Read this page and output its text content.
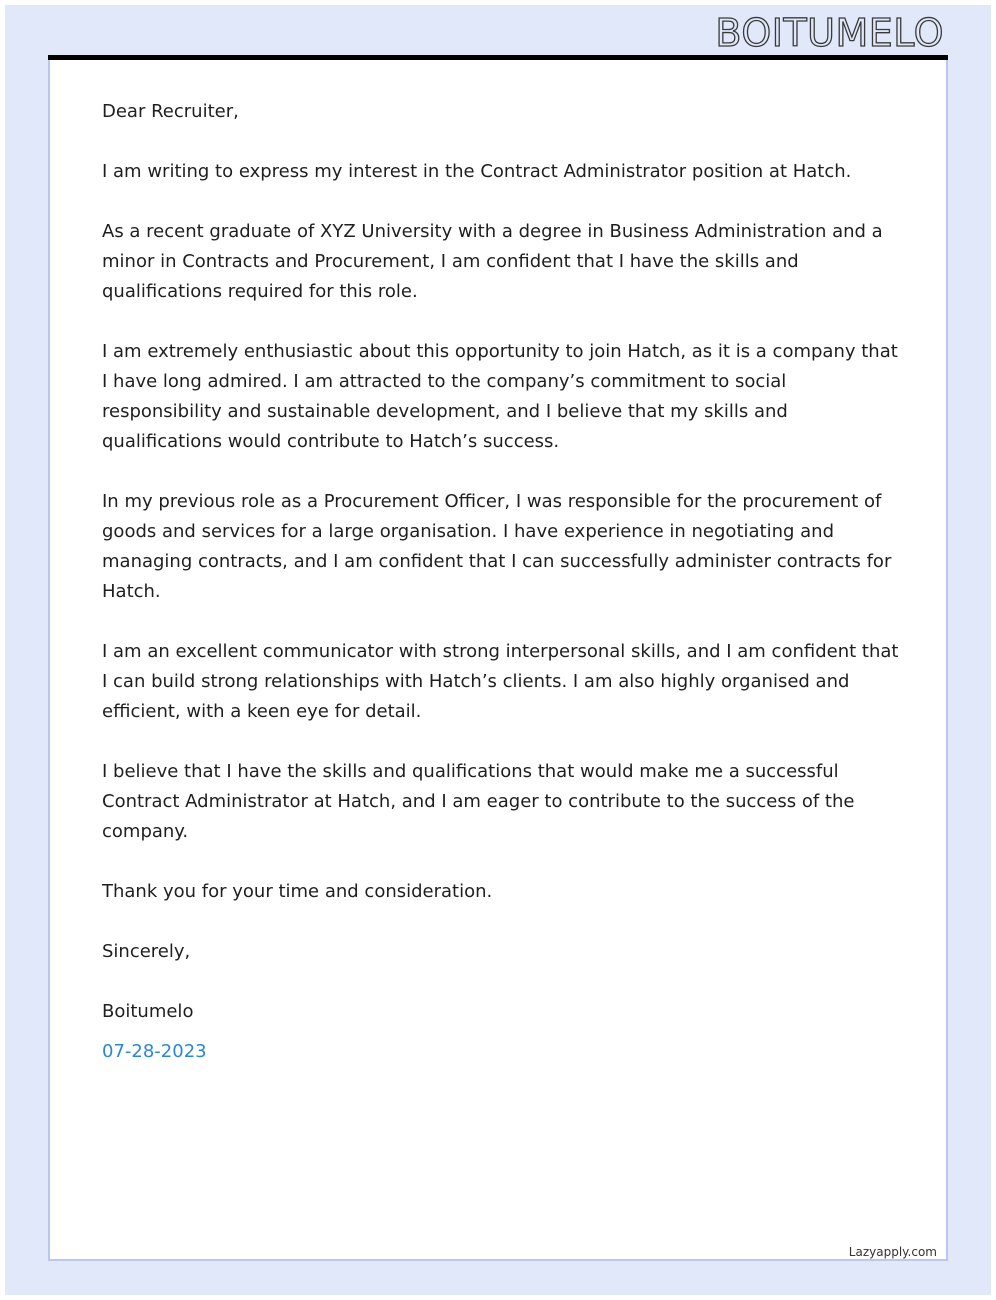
BOITUMELO

Dear Recruiter,

I am writing to express my interest in the Contract Administrator position at Hatch.

As a recent graduate of XYZ University with a degree in Business Administration and a minor in Contracts and Procurement, I am confident that I have the skills and qualifications required for this role.

I am extremely enthusiastic about this opportunity to join Hatch, as it is a company that I have long admired. I am attracted to the company’s commitment to social responsibility and sustainable development, and I believe that my skills and qualifications would contribute to Hatch’s success.

In my previous role as a Procurement Officer, I was responsible for the procurement of goods and services for a large organisation. I have experience in negotiating and managing contracts, and I am confident that I can successfully administer contracts for Hatch.

I am an excellent communicator with strong interpersonal skills, and I am confident that I can build strong relationships with Hatch’s clients. I am also highly organised and efficient, with a keen eye for detail.

I believe that I have the skills and qualifications that would make me a successful Contract Administrator at Hatch, and I am eager to contribute to the success of the company.

Thank you for your time and consideration.

Sincerely,

Boitumelo

07-28-2023

Lazyapply.com
